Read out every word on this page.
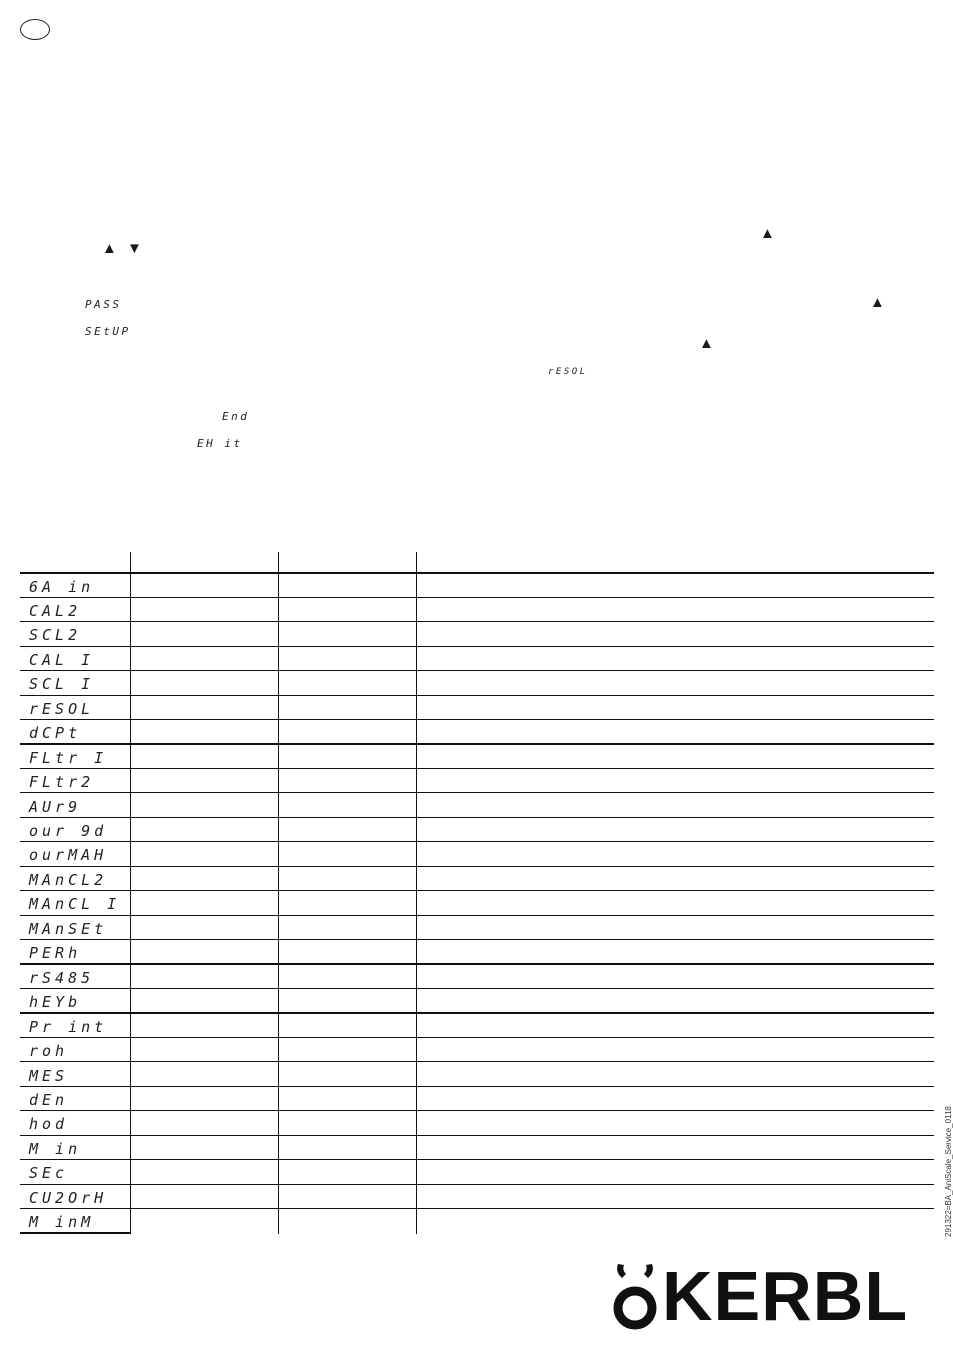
▲ ▼
▲
▲
▲
PASS
SEtUP
rESOL
End
EH it
6A in
CAL2
SCL2
CAL I
SCL I
rESOL
dCPt
FLtr I
FLtr2
AUr9
our 9d
ourMAH
MAnCL2
MAnCL I
MAnSEt
PERh
rS485
hEYb
Pr int
roh
MES
dEn
hod
M in
SEc
CU2OrH
M inM	291322=BA_AniScale_Service_0118
KERBL
